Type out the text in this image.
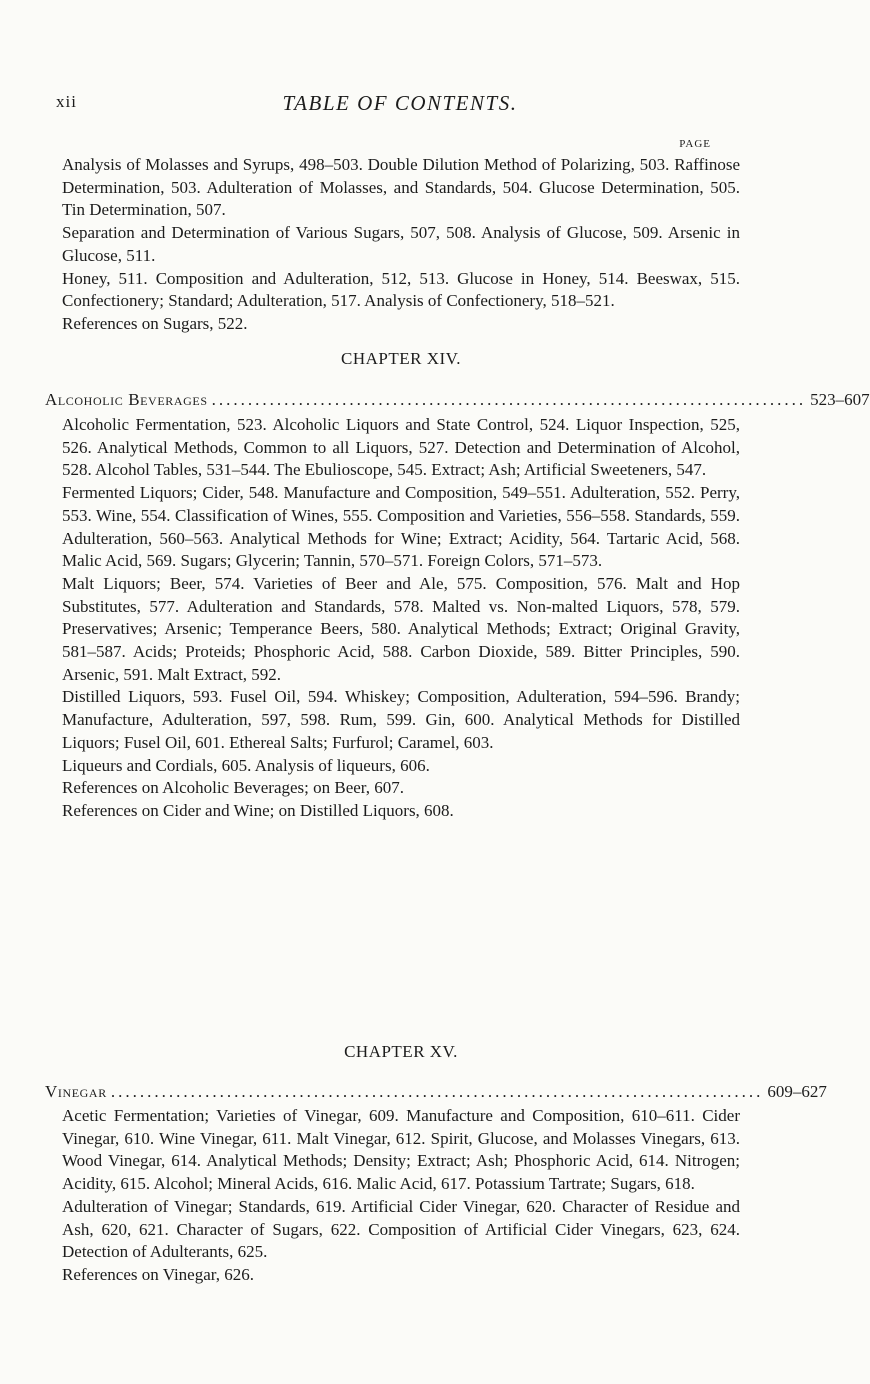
xii	TABLE OF CONTENTS.
PAGE

Analysis of Molasses and Syrups, 498–503. Double Dilution Method of Polarizing, 503. Raffinose Determination, 503. Adulteration of Molasses, and Standards, 504. Glucose Determination, 505. Tin Determination, 507.

Separation and Determination of Various Sugars, 507, 508. Analysis of Glucose, 509. Arsenic in Glucose, 511.

Honey, 511. Composition and Adulteration, 512, 513. Glucose in Honey, 514. Beeswax, 515. Confectionery; Standard; Adulteration, 517. Analysis of Confectionery, 518–521.

References on Sugars, 522.

CHAPTER XIV.

Alcoholic Beverages .................................................................................. 523–607

Alcoholic Fermentation, 523. Alcoholic Liquors and State Control, 524. Liquor Inspection, 525, 526. Analytical Methods, Common to all Liquors, 527. Detection and Determination of Alcohol, 528. Alcohol Tables, 531–544. The Ebulioscope, 545. Extract; Ash; Artificial Sweeteners, 547.

Fermented Liquors; Cider, 548. Manufacture and Composition, 549–551. Adulteration, 552. Perry, 553. Wine, 554. Classification of Wines, 555. Composition and Varieties, 556–558. Standards, 559. Adulteration, 560–563. Analytical Methods for Wine; Extract; Acidity, 564. Tartaric Acid, 568. Malic Acid, 569. Sugars; Glycerin; Tannin, 570–571. Foreign Colors, 571–573.

Malt Liquors; Beer, 574. Varieties of Beer and Ale, 575. Composition, 576. Malt and Hop Substitutes, 577. Adulteration and Standards, 578. Malted vs. Non-malted Liquors, 578, 579. Preservatives; Arsenic; Temperance Beers, 580. Analytical Methods; Extract; Original Gravity, 581–587. Acids; Proteids; Phosphoric Acid, 588. Carbon Dioxide, 589. Bitter Principles, 590. Arsenic, 591. Malt Extract, 592.

Distilled Liquors, 593. Fusel Oil, 594. Whiskey; Composition, Adulteration, 594–596. Brandy; Manufacture, Adulteration, 597, 598. Rum, 599. Gin, 600. Analytical Methods for Distilled Liquors; Fusel Oil, 601. Ethereal Salts; Furfurol; Caramel, 603.

Liqueurs and Cordials, 605. Analysis of liqueurs, 606.

References on Alcoholic Beverages; on Beer, 607.

References on Cider and Wine; on Distilled Liquors, 608.

CHAPTER XV.

Vinegar .......................................................................................... 609–627

Acetic Fermentation; Varieties of Vinegar, 609. Manufacture and Composition, 610–611. Cider Vinegar, 610. Wine Vinegar, 611. Malt Vinegar, 612. Spirit, Glucose, and Molasses Vinegars, 613. Wood Vinegar, 614. Analytical Methods; Density; Extract; Ash; Phosphoric Acid, 614. Nitrogen; Acidity, 615. Alcohol; Mineral Acids, 616. Malic Acid, 617. Potassium Tartrate; Sugars, 618.

Adulteration of Vinegar; Standards, 619. Artificial Cider Vinegar, 620. Character of Residue and Ash, 620, 621. Character of Sugars, 622. Composition of Artificial Cider Vinegars, 623, 624. Detection of Adulterants, 625.

References on Vinegar, 626.
